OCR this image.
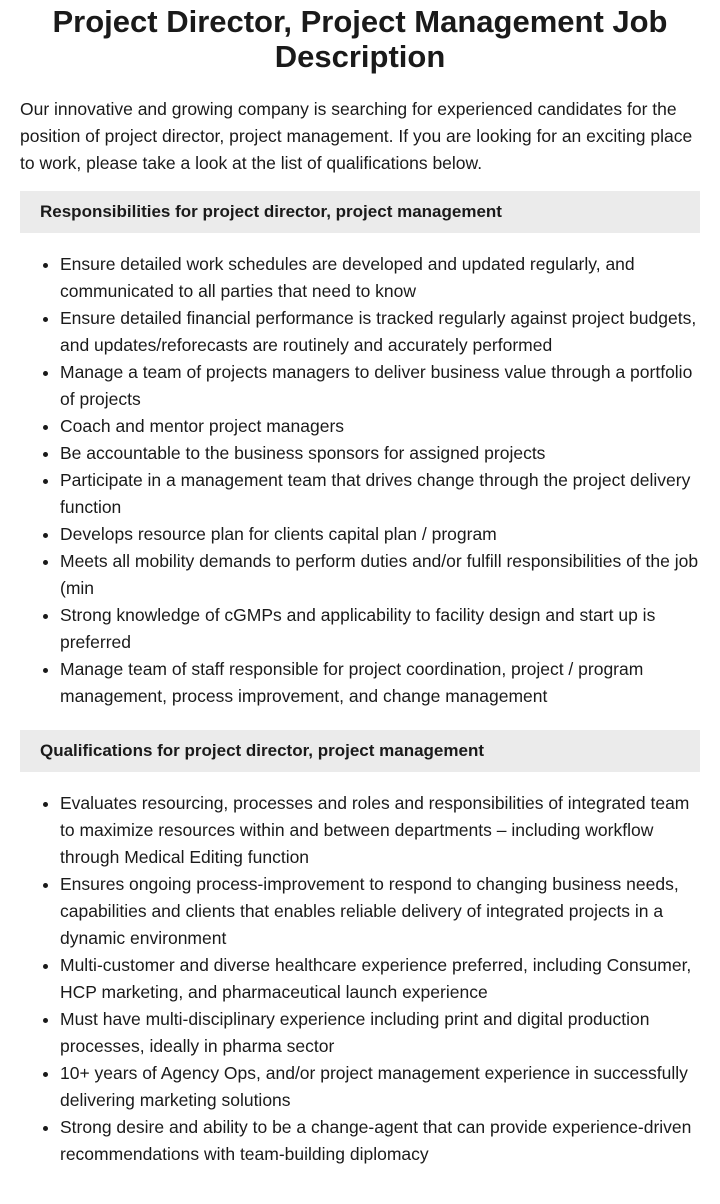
Project Director, Project Management Job Description

Our innovative and growing company is searching for experienced candidates for the position of project director, project management. If you are looking for an exciting place to work, please take a look at the list of qualifications below.

Responsibilities for project director, project management
• Ensure detailed work schedules are developed and updated regularly, and communicated to all parties that need to know
• Ensure detailed financial performance is tracked regularly against project budgets, and updates/reforecasts are routinely and accurately performed
• Manage a team of projects managers to deliver business value through a portfolio of projects
• Coach and mentor project managers
• Be accountable to the business sponsors for assigned projects
• Participate in a management team that drives change through the project delivery function
• Develops resource plan for clients capital plan / program
• Meets all mobility demands to perform duties and/or fulfill responsibilities of the job (min
• Strong knowledge of cGMPs and applicability to facility design and start up is preferred
• Manage team of staff responsible for project coordination, project / program management, process improvement, and change management
Qualifications for project director, project management
• Evaluates resourcing, processes and roles and responsibilities of integrated team to maximize resources within and between departments – including workflow through Medical Editing function
• Ensures ongoing process-improvement to respond to changing business needs, capabilities and clients that enables reliable delivery of integrated projects in a dynamic environment
• Multi-customer and diverse healthcare experience preferred, including Consumer, HCP marketing, and pharmaceutical launch experience
• Must have multi-disciplinary experience including print and digital production processes, ideally in pharma sector
• 10+ years of Agency Ops, and/or project management experience in successfully delivering marketing solutions
• Strong desire and ability to be a change-agent that can provide experience-driven recommendations with team-building diplomacy
